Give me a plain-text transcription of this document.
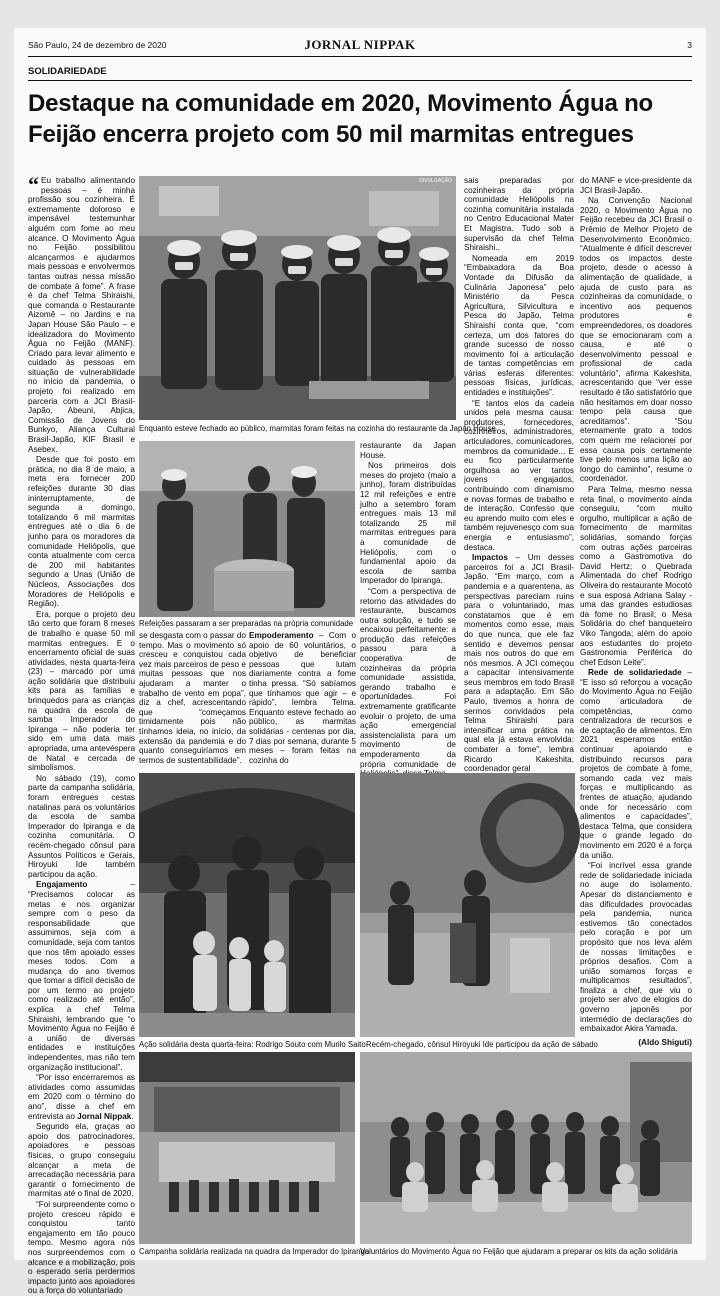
São Paulo, 24 de dezembro de 2020	JORNAL NIPPAK	3
SOLIDARIEDADE
Destaque na comunidade em 2020, Movimento Água no Feijão encerra projeto com 50 mil marmitas entregues

“ Eu trabalho alimentando pessoas – é minha profissão sou cozinheira. É extremamente doloroso e impensável testemunhar alguém com fome ao meu alcance. O Movimento Água no Feijão possibilitou alcançarmos e ajudarmos mais pessoas e envolvermos tantas outras nessa missão de combate à fome”. A frase é da chef Telma Shiraishi, que comanda o Restaurante Aizomê – no Jardins e na Japan House São Paulo – e idealizadora do Movimento Água no Feijão (MANF). Criado para levar alimento e cuidado às pessoas em situação de vulnerabilidade no início da pandemia, o projeto foi realizado em parceria com a JCI Brasil-Japão, Abeuni, Abjica, Comissão de Jovens do Bunkyo, Aliança Cultural Brasil-Japão, KIF Brasil e Asebex.

Desde que foi posto em prática, no dia 8 de maio, a meta era fornecer 200 refeições durante 30 dias ininterruptamente, de segunda a domingo, totalizando 6 mil marmitas entregues até o dia 6 de junho para os moradores da comunidade Heliópolis, que conta atualmente com cerca de 200 mil habitantes segundo a Unas (União de Núcleos, Associações dos Moradores de Heliópolis e Região).

Era, porque o projeto deu tão certo que foram 8 meses de trabalho e quase 50 mil marmitas entregues. E o encerramento oficial de suas atividades, nesta quarta-feira (23) – marcado por uma ação solidária que distribuiu kits para as famílias e brinquedos para as crianças na quadra da escola de samba Imperador do Ipiranga – não poderia ter sido em uma data mais apropriada, uma antevéspera de Natal e cercada de simbolismos.

No sábado (19), como parte da campanha solidária, foram entregues cestas natalinas para os voluntários da escola de samba Imperador do Ipiranga e da cozinha comunitária. O recém-chegado cônsul para Assuntos Políticos e Gerais, Hiroyuki Ide também participou da ação.

Engajamento – “Precisamos colocar as metas e nos organizar sempre com o peso da responsabilidade que assumimos, seja com a comunidade, seja com tantos que nos têm apoiado esses meses todos. Com a mudança do ano tivemos que tomar a difícil decisão de por um termo ao projeto como realizado até então”, explica a chef Telma Shiraishi, lembrando que “o Movimento Água no Feijão é a união de diversas entidades e instituições independentes, mas não tem organização institucional”.

“Por isso encerraremos as atividades como assumidas em 2020 com o término do ano”, disse a chef em entrevista ao Jornal Nippak.

Segundo ela, graças ao apoio dos patrocinadores, apoiadores e pessoas físicas, o grupo conseguiu alcançar a meta de arrecadação necessária para garantir o fornecimento de marmitas até o final de 2020.

“Foi surpreendente como o projeto cresceu rápido e conquistou tanto engajamento em tão pouco tempo. Mesmo agora nós nos surpreendemos com o alcance e a mobilização, pois o esperado seria perdermos impacto junto aos apoiadores ou a força do voluntariado

DIVULGAÇÃO
Enquanto esteve fechado ao público, marmitas foram feitas na cozinha do restaurante da Japan House
Refeições passaram a ser preparadas na própria comunidade

se desgasta com o passar do tempo. Mas o movimento só cresceu e conquistou cada vez mais parceiros de peso e muitas pessoas que nos ajudaram a manter o trabalho de vento em popa”, diz a chef, acrescentando que “começamos timidamente pois não tínhamos ideia, no início, da extensão da pandemia e do quanto conseguiríamos em termos de sustentabilidade”.

Empoderamento – Com o apoio de 60 voluntários, o objetivo de beneficiar pessoas que lutam diariamente contra a fome tinha pressa. “Só sabíamos que tínhamos que agir – e rápido”, lembra Telma. Enquanto esteve fechado ao público, as marmitas solidárias - centenas por dia, 7 dias por semana, durante 5 meses – foram feitas na cozinha do

restaurante da Japan House.

Nos primeiros dois meses do projeto (maio a junho), foram distribuídas 12 mil refeições e entre julho a setembro foram entregues mais 13 mil totalizando 25 mil marmitas entregues para a comunidade de Heliópolis, com o fundamental apoio da escola de samba Imperador do Ipiranga.

“Com a perspectiva de retorno das atividades do restaurante, buscamos outra solução, e tudo se encaixou perfeitamente: a produção das refeições passou para a cooperativa de cozinheiras da própria comunidade assistida, gerando trabalho e oportunidades. Foi extremamente gratificante evoluir o projeto, de uma ação emergencial assistencialista para um movimento de empoderamento da própria comunidade de

sais preparadas por cozinheiras da própria comunidade Heliópolis na cozinha comunitária instalada no Centro Educacional Mater Et Magistra. Tudo sob a supervisão da chef Telma Shiraishi..

Nomeada em 2019 “Embaixadora da Boa Vontade da Difusão da Culinária Japonesa” pelo Ministério da Pesca Agricultura, Silvicultura e Pesca do Japão, Telma Shiraishi conta que, “com certeza, um dos fatores do grande sucesso de nosso movimento foi a articulação de tantas competências em várias esferas diferentes: pessoas físicas, jurídicas, entidades e instituições”.

“E tantos elos da cadeia unidos pela mesma causa: produtores, fornecedores, cozinheiros, administradores, articuladores, comunicadores, membros da comunidade... E eu fico particularmente orgulhosa ao ver tantos jovens engajados, contribuindo com dinamismo e novas formas de trabalho e de interação. Confesso que eu aprendo muito com eles e também rejuvenesço com sua energia e entusiasmo”, destaca.

Impactos – Um desses parceiros foi a JCI Brasil-Japão. “Em março, com a pandemia e a quarentena, as perspectivas pareciam ruins para o voluntariado, mas constatamos que é em momentos como esse, mais do que nunca, que ele faz sentido e devemos pensar mais nos outros do que em nós mesmos. A JCI começou a capacitar intensivamente seus membros em todo Brasil para a adaptação. Em São Paulo, tivemos a honra de sermos convidados pela Telma Shiraishi para intensificar uma prática na qual ela já estava envolvida: combater a fome”, lembra Ricardo Kakeshita, coordenador geral

do MANF e vice-presidente da JCI Brasil-Japão.

Na Convenção Nacional 2020, o Movimento Água no Feijão recebeu da JCI Brasil o Prêmio de Melhor Projeto de Desenvolvimento Econômico. “Atualmente é difícil descrever todos os impactos deste projeto, desde o acesso à alimentação de qualidade, a ajuda de custo para as cozinheiras da comunidade, o incentivo aos pequenos produtores e empreendedores, os doadores que se emocionaram com a causa, e até o desenvolvimento pessoal e profissional de cada voluntário”, afirma Kakeshita, acrescentando que “ver esse resultado é tão satisfatório que não hesitamos em doar nosso tempo pela causa que acreditamos”. “Sou eternamente grato a todos com quem me relacionei por essa causa pois certamente tive pelo menos uma lição ao longo do caminho”, resume o coordenador.

Para Telma, mesmo nessa reta final, o movimento ainda conseguiu, “com muito orgulho, multiplicar a ação de fornecimento de marmitas solidárias, somando forças com outras ações parceiras como a Gastromotiva do David Hertz; o Quebrada Alimentada do chef Rodrigo Oliveira do restaurante Mocotó e sua esposa Adriana Salay - uma das grandes estudiosas da fome no Brasil; o Mesa Solidária do chef banqueteiro Viko Tangoda; além do apoio aos estudantes do projeto Gastronomia Periférica do chef Edson Leite”.

Rede de solidariedade – “E isso só reforçou a vocação do Movimento Água no Feijão como articuladora de competências, como centralizadora de recursos e de captação de alimentos. Em 2021 esperamos então continuar apoiando e distribuindo recursos para projetos de combate à fome, somando cada vez mais forças e multiplicando as frentes de atuação, ajudando onde for necessário com alimentos e capacidades”, destaca Telma, que considera que o grande legado do movimento em 2020 é a força da união.

“Foi incrível essa grande rede de solidariedade iniciada no auge do isolamento. Apesar do distanciamento e das dificuldades provocadas pela pandemia, nunca estivemos tão conectados pelo coração e por um propósito que nos leva além de nossas limitações e próprios desafios. Com a união somamos forças e multiplicamos resultados”, finaliza a chef, que viu o projeto ser alvo de elogios do governo japonês por intermédio de declarações do embaixador Akira Yamada.

(Aldo Shiguti)
Ação solidária desta quarta-feira: Rodrigo Souto com Murilo Saito Recém-chegado, cônsul Hiroyuki Ide participou da ação de sábado
Campanha solidária realizada na quadra da Imperador do Ipiranga
Voluntários do Movimento Água no Feijão que ajudaram a preparar os kits da ação solidária
